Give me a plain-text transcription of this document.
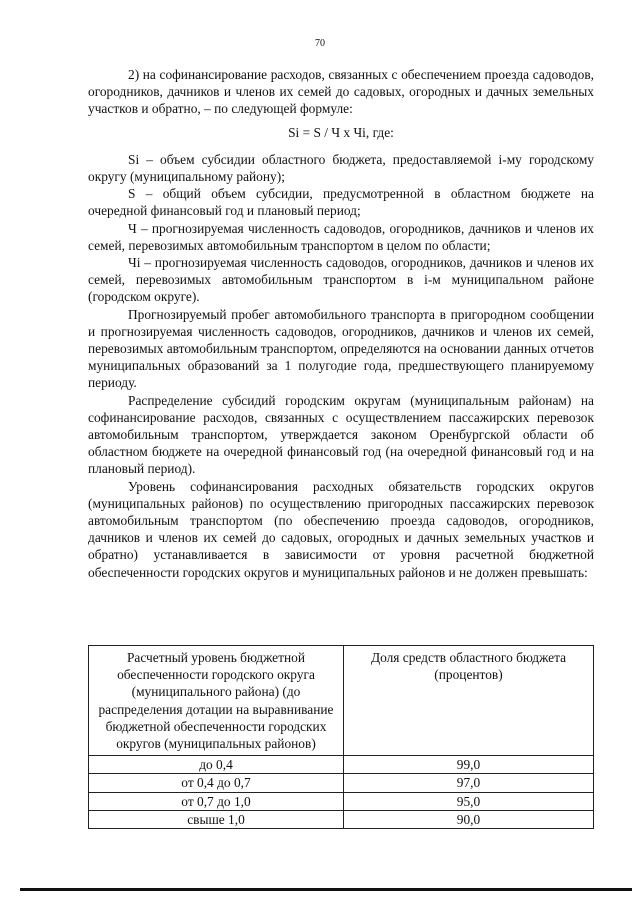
70

2) на софинансирование расходов, связанных с обеспечением проезда садоводов, огородников, дачников и членов их семей до садовых, огородных и дачных земельных участков и обратно, – по следующей формуле:

Si = S / Ч х Чi, где:

Si – объем субсидии областного бюджета, предоставляемой i-му городскому округу (муниципальному району);

S – общий объем субсидии, предусмотренной в областном бюджете на очередной финансовый год и плановый период;

Ч – прогнозируемая численность садоводов, огородников, дачников и членов их семей, перевозимых автомобильным транспортом в целом по области;

Чi – прогнозируемая численность садоводов, огородников, дачников и членов их семей, перевозимых автомобильным транспортом в i-м муниципальном районе (городском округе).

Прогнозируемый пробег автомобильного транспорта в пригородном сообщении и прогнозируемая численность садоводов, огородников, дачников и членов их семей, перевозимых автомобильным транспортом, определяются на основании данных отчетов муниципальных образований за 1 полугодие года, предшествующего планируемому периоду.

Распределение субсидий городским округам (муниципальным районам) на софинансирование расходов, связанных с осуществлением пассажирских перевозок автомобильным транспортом, утверждается законом Оренбургской области об областном бюджете на очередной финансовый год (на очередной финансовый год и на плановый период).

Уровень софинансирования расходных обязательств городских округов (муниципальных районов) по осуществлению пригородных пассажирских перевозок автомобильным транспортом (по обеспечению проезда садоводов, огородников, дачников и членов их семей до садовых, огородных и дачных земельных участков и обратно) устанавливается в зависимости от уровня расчетной бюджетной обеспеченности городских округов и муниципальных районов и не должен превышать:

Расчетный уровень бюджетной обеспеченности городского округа (муниципального района) (до распределения дотации на выравнивание бюджетной обеспеченности городских округов (муниципальных районов)	Доля средств областного бюджета (процентов)
до 0,4	99,0
от 0,4 до 0,7	97,0
от 0,7 до 1,0	95,0
свыше 1,0	90,0
